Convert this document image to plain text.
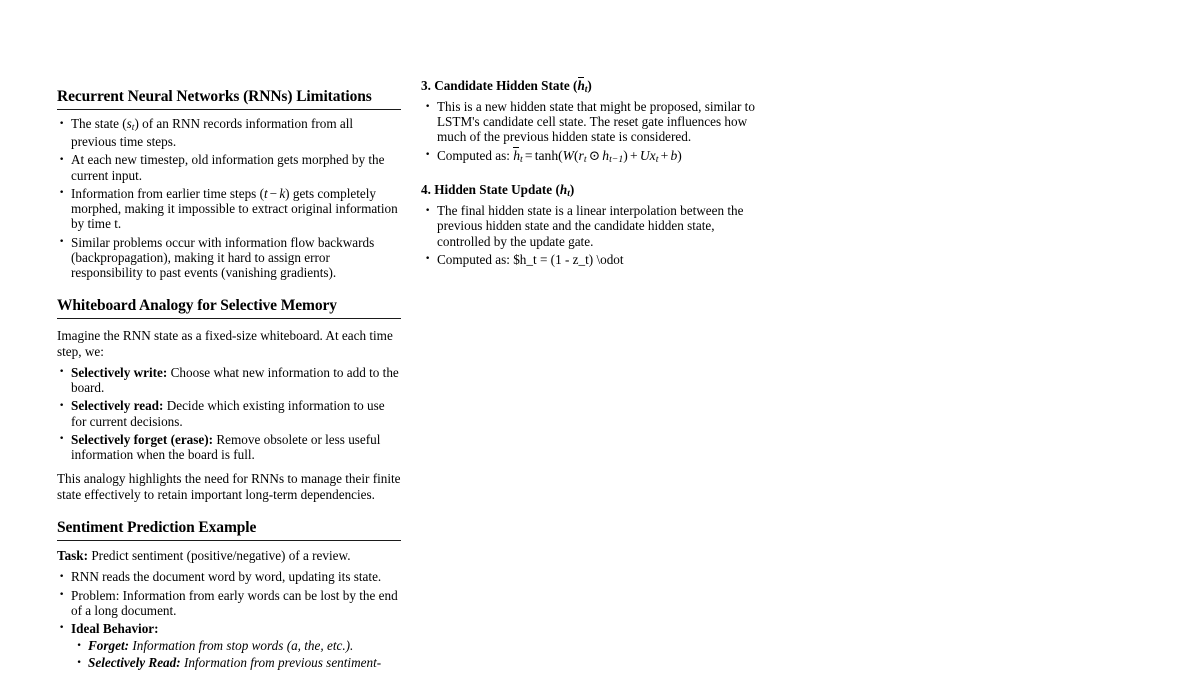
Recurrent Neural Networks (RNNs) Limitations
· The state $(s_t)$ of an RNN records information from all previous time steps.
· At each new timestep, old information gets morphed by the current input.
· Information from earlier time steps (t − k) gets completely morphed, making it impossible to extract original information by time t.
· Similar problems occur with information flow backwards (backpropagation), making it hard to assign error responsibility to past events (vanishing gradients).
Whiteboard Analogy for Selective Memory

Imagine the RNN state as a fixed-size whiteboard. At each time step, we:

· Selectively write: Choose what new information to add to the board.
· Selectively read: Decide which existing information to use for current decisions.
· Selectively forget (erase): Remove obsolete or less useful information when the board is full.

This analogy highlights the need for RNNs to manage their finite state effectively to retain important long-term dependencies.

Sentiment Prediction Example

Task: Predict sentiment (positive/negative) of a review.

· RNN reads the document word by word, updating its state.
· Problem: Information from early words can be lost by the end of a long document.
· Ideal Behavior:
· Forget: Information from stop words (a, the, etc.).
· Selectively Read: Information from previous sentiment-
3. Candidate Hidden State $(h_t)$
· This is a new hidden state that might be proposed, similar to LSTM's candidate cell state. The reset gate influences how much of the previous hidden state is considered.
· Computed as: $h_t = \tanh(W(r_t$ ⊙ $h_{t-1}) + Ux_t + b$)
4. Hidden State Update $(h_t)$
· The final hidden state is a linear interpolation between the previous hidden state and the candidate hidden state, controlled by the update gate.
· Computed as: $h_t = (1 - z_t) \odot
